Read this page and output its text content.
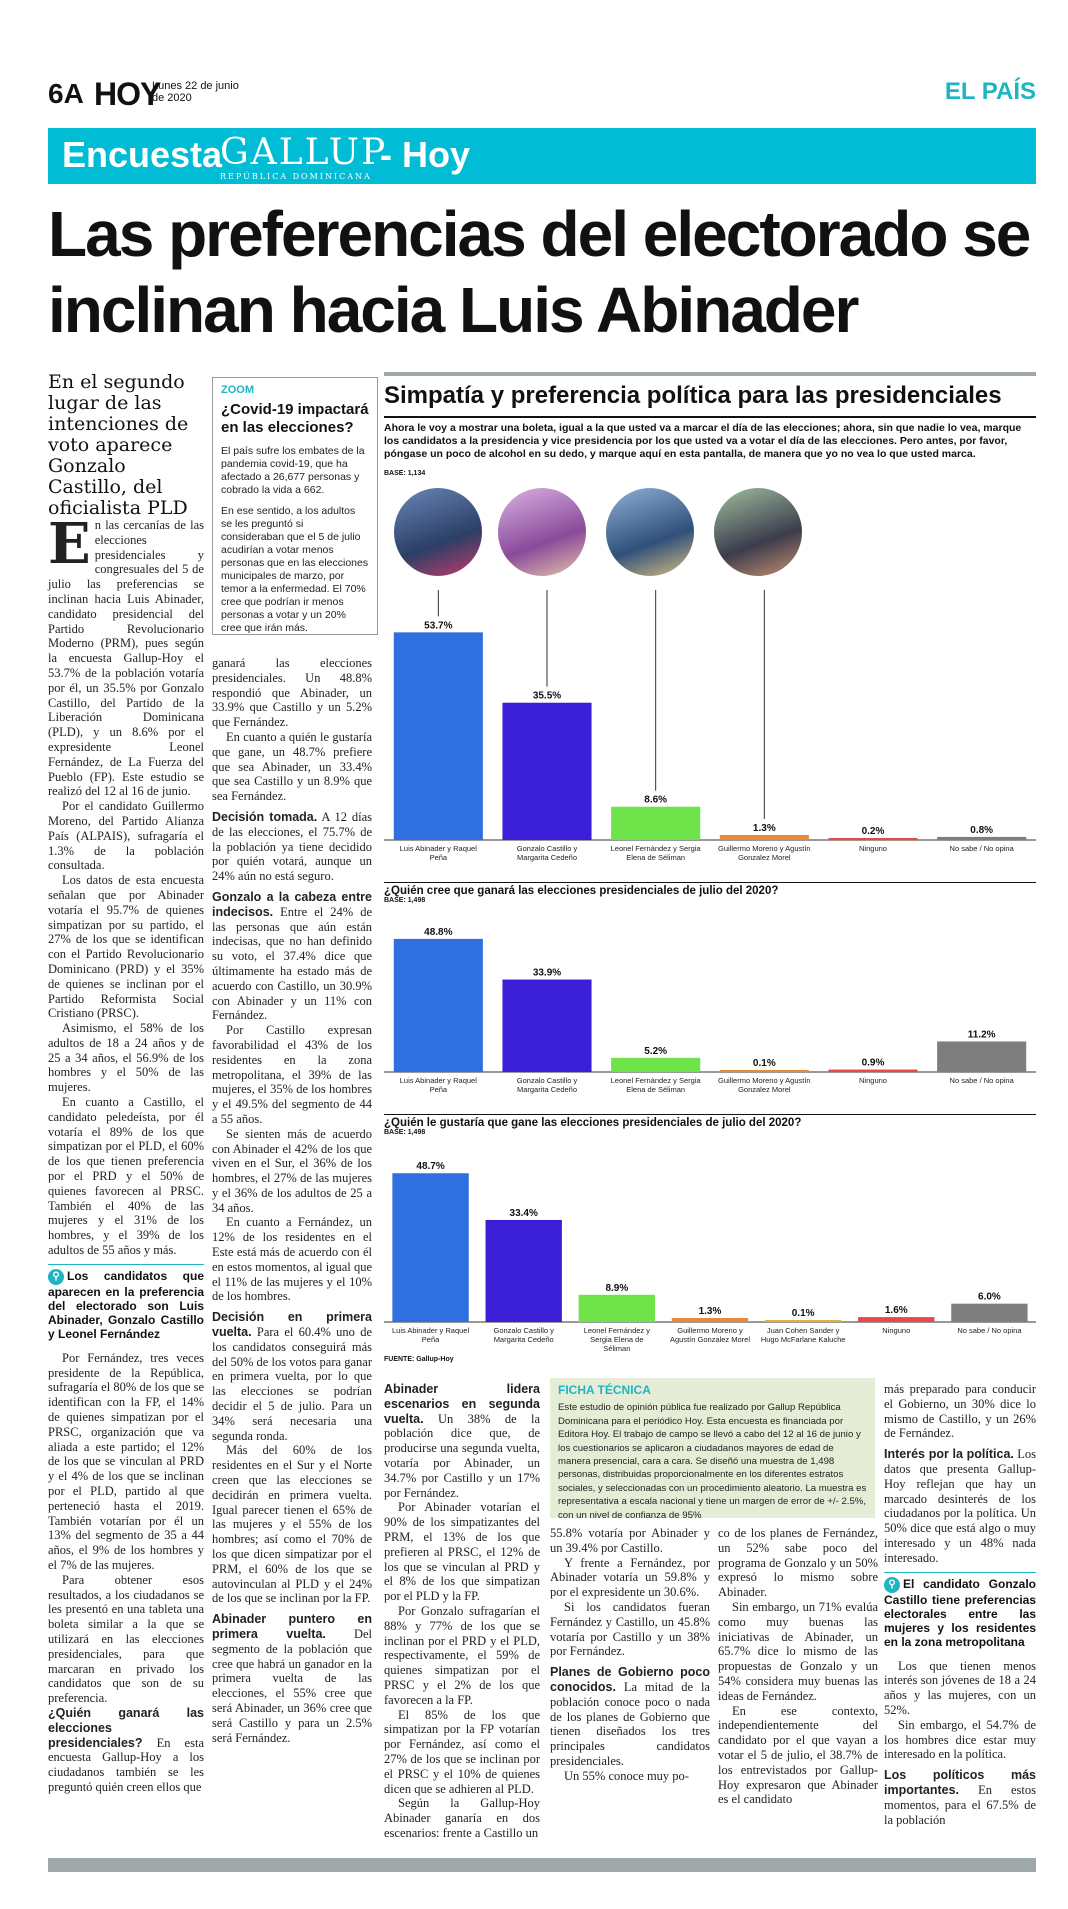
6A HOY
Lunes 22 de junio
de 2020	EL PAÍS
Encuesta
GALLUP
REPÚBLICA DOMINICANA
- Hoy
Las preferencias del electorado se inclinan hacia Luis Abinader
En el segundo lugar de las intenciones de voto aparece Gonzalo Castillo, del oficialista PLD

En las cercanías de las elecciones presidenciales y congresuales del 5 de julio las preferencias se inclinan hacia Luis Abinader, candidato presidencial del Partido Revolucionario Moderno (PRM), pues según la encuesta Gallup-Hoy el 53.7% de la población votaría por él, un 35.5% por Gonzalo Castillo, del Partido de la Liberación Dominicana (PLD), y un 8.6% por el expresidente Leonel Fernández, de La Fuerza del Pueblo (FP). Este estudio se realizó del 12 al 16 de junio.

Por el candidato Guillermo Moreno, del Partido Alianza País (ALPAIS), sufragaría el 1.3% de la población consultada.

Los datos de esta encuesta señalan que por Abinader votaría el 95.7% de quienes simpatizan por su partido, el 27% de los que se identifican con el Partido Revolucionario Dominicano (PRD) y el 35% de quienes se inclinan por el Partido Reformista Social Cristiano (PRSC).

Asimismo, el 58% de los adultos de 18 a 24 años y de 25 a 34 años, el 56.9% de los hombres y el 50% de las mujeres.

En cuanto a Castillo, el candidato peledeísta, por él votaría el 89% de los que simpatizan por el PLD, el 60% de los que tienen preferencia por el PRD y el 50% de quienes favorecen al PRSC. También el 40% de las mujeres y el 31% de los hombres, y el 39% de los adultos de 55 años y más.

⚲ Los candidatos que aparecen en la preferencia del electorado son Luis Abinader, Gonzalo Castillo y Leonel Fernández

Por Fernández, tres veces presidente de la República, sufragaría el 80% de los que se identifican con la FP, el 14% de quienes simpatizan por el PRSC, organización que va aliada a este partido; el 12% de los que se vinculan al PRD y el 4% de los que se inclinan por el PLD, partido al que perteneció hasta el 2019. También votarían por él un 13% del segmento de 35 a 44 años, el 9% de los hombres y el 7% de las mujeres.

Para obtener esos resultados, a los ciudadanos se les presentó en una tableta una boleta similar a la que se utilizará en las elecciones presidenciales, para que marcaran en privado los candidatos que son de su preferencia.

¿Quién ganará las elecciones presidenciales? En esta encuesta Gallup-Hoy a los ciudadanos también se les preguntó quién creen ellos que

ZOOM
¿Covid-19 impactará en las elecciones?

El país sufre los embates de la pandemia covid-19, que ha afectado a 26,677 personas y cobrado la vida a 662.

En ese sentido, a los adultos se les preguntó si consideraban que el 5 de julio acudirían a votar menos personas que en las elecciones municipales de marzo, por temor a la enfermedad. El 70% cree que podrían ir menos personas a votar y un 20% cree que irán más.

ganará las elecciones presidenciales. Un 48.8% respondió que Abinader, un 33.9% que Castillo y un 5.2% que Fernández.

En cuanto a quién le gustaría que gane, un 48.7% prefiere que sea Abinader, un 33.4% que sea Castillo y un 8.9% que sea Fernández.

Decisión tomada. A 12 días de las elecciones, el 75.7% de la población ya tiene decidido por quién votará, aunque un 24% aún no está seguro.

Gonzalo a la cabeza entre indecisos. Entre el 24% de las personas que aún están indecisas, que no han definido su voto, el 37.4% dice que últimamente ha estado más de acuerdo con Castillo, un 30.9% con Abinader y un 11% con Fernández.

Por Castillo expresan favorabilidad el 43% de los residentes en la zona metropolitana, el 39% de las mujeres, el 35% de los hombres y el 49.5% del segmento de 44 a 55 años.

Se sienten más de acuerdo con Abinader el 42% de los que viven en el Sur, el 36% de los hombres, el 27% de las mujeres y el 36% de los adultos de 25 a 34 años.

En cuanto a Fernández, un 12% de los residentes en el Este está más de acuerdo con él en estos momentos, al igual que el 11% de las mujeres y el 10% de los hombres.

Decisión en primera vuelta. Para el 60.4% uno de los candidatos conseguirá más del 50% de los votos para ganar en primera vuelta, por lo que las elecciones se podrían decidir el 5 de julio. Para un 34% será necesaria una segunda ronda.

Más del 60% de los residentes en el Sur y el Norte creen que las elecciones se decidirán en primera vuelta. Igual parecer tienen el 65% de las mujeres y el 55% de los hombres; así como el 70% de los que dicen simpatizar por el PRM, el 60% de los que se autovinculan al PLD y el 24% de los que se inclinan por la FP.

Abinader puntero en primera vuelta. Del segmento de la población que cree que habrá un ganador en la primera vuelta de las elecciones, el 55% cree que será Abinader, un 36% cree que será Castillo y para un 2.5% será Fernández.

Simpatía y preferencia política para las presidenciales
Ahora le voy a mostrar una boleta, igual a la que usted va a marcar el día de las elecciones; ahora, sin que nadie lo vea, marque los candidatos a la presidencia y vice presidencia por los que usted va a votar el día de las elecciones. Pero antes, por favor, póngase un poco de alcohol en su dedo, y marque aquí en esta pantalla, de manera que yo no vea lo que usted marca.
BASE: 1,134
53.7%
Luis Abinader y Raquel
Peña
35.5%
Gonzalo Castillo y
Margarita Cedeño
8.6%
Leonel Fernández y Sergia
Elena de Séliman
1.3%
Guillermo Moreno y Agustín
Gonzalez Morel
0.2%
Ninguno
0.8%
No sabe / No opina
¿Quién cree que ganará las elecciones presidenciales de julio del 2020?
BASE: 1,498
48.8%
Luis Abinader y Raquel
Peña
33.9%
Gonzalo Castillo y
Margarita Cedeño
5.2%
Leonel Fernández y Sergia
Elena de Séliman
0.1%
Guillermo Moreno y Agustín
Gonzalez Morel
0.9%
Ninguno
11.2%
No sabe / No opina
¿Quién le gustaría que gane las elecciones presidenciales de julio del 2020?
BASE: 1,498
48.7%
Luis Abinader y Raquel
Peña
33.4%
Gonzalo Castillo y
Margarita Cedeño
8.9%
Leonel Fernández y
Sergia Elena de
Séliman
1.3%
Guillermo Moreno y
Agustín Gonzalez Morel
0.1%
Juan Cohen Sander y
Hugo McFarlane Kaluche
1.6%
Ninguno
6.0%
No sabe / No opina
FUENTE: Gallup-Hoy

Abinader lidera escenarios en segunda vuelta. Un 38% de la población dice que, de producirse una segunda vuelta, votaría por Abinader, un 34.7% por Castillo y un 17% por Fernández.

Por Abinader votarían el 90% de los simpatizantes del PRM, el 13% de los que prefieren al PRSC, el 12% de los que se vinculan al PRD y el 8% de los que simpatizan por el PLD y la FP.

Por Gonzalo sufragarían el 88% y 77% de los que se inclinan por el PRD y el PLD, respectivamente, el 59% de quienes simpatizan por el PRSC y el 2% de los que favorecen a la FP.

El 85% de los que simpatizan por la FP votarían por Fernández, así como el 27% de los que se inclinan por el PRSC y el 10% de quienes dicen que se adhieren al PLD.

Según la Gallup-Hoy Abinader ganaría en dos escenarios: frente a Castillo un

FICHA TÉCNICA
Este estudio de opinión pública fue realizado por Gallup República Dominicana para el periódico Hoy. Esta encuesta es financiada por Editora Hoy. El trabajo de campo se llevó a cabo del 12 al 16 de junio y los cuestionarios se aplicaron a ciudadanos mayores de edad de manera presencial, cara a cara. Se diseñó una muestra de 1,498 personas, distribuidas proporcionalmente en los diferentes estratos sociales, y seleccionadas con un procedimiento aleatorio. La muestra es representativa a escala nacional y tiene un margen de error de +/- 2.5%, con un nivel de confianza de 95%

55.8% votaría por Abinader y un 39.4% por Castillo.

Y frente a Fernández, por Abinader votaría un 59.8% y por el expresidente un 30.6%.

Si los candidatos fueran Fernández y Castillo, un 45.8% votaría por Castillo y un 38% por Fernández.

Planes de Gobierno poco conocidos. La mitad de la población conoce poco o nada de los planes de Gobierno que tienen diseñados los tres principales candidatos presidenciales.

Un 55% conoce muy po-

co de los planes de Fernández, un 52% sabe poco del programa de Gonzalo y un 50% expresó lo mismo sobre Abinader.

Sin embargo, un 71% evalúa como muy buenas las iniciativas de Abinader, un 65.7% dice lo mismo de las propuestas de Gonzalo y un 54% considera muy buenas las ideas de Fernández.

En ese contexto, independientemente del candidato por el que vayan a votar el 5 de julio, el 38.7% de los entrevistados por Gallup-Hoy expresaron que Abinader es el candidato

más preparado para conducir el Gobierno, un 30% dice lo mismo de Castillo, y un 26% de Fernández.

Interés por la política. Los datos que presenta Gallup-Hoy reflejan que hay un marcado desinterés de los ciudadanos por la política. Un 50% dice que está algo o muy interesado y un 48% nada interesado.

⚲ El candidato Gonzalo Castillo tiene preferencias electorales entre las mujeres y los residentes en la zona metropolitana

Los que tienen menos interés son jóvenes de 18 a 24 años y las mujeres, con un 52%.

Sin embargo, el 54.7% de los hombres dice estar muy interesado en la política.

Los políticos más importantes. En estos momentos, para el 67.5% de la población
